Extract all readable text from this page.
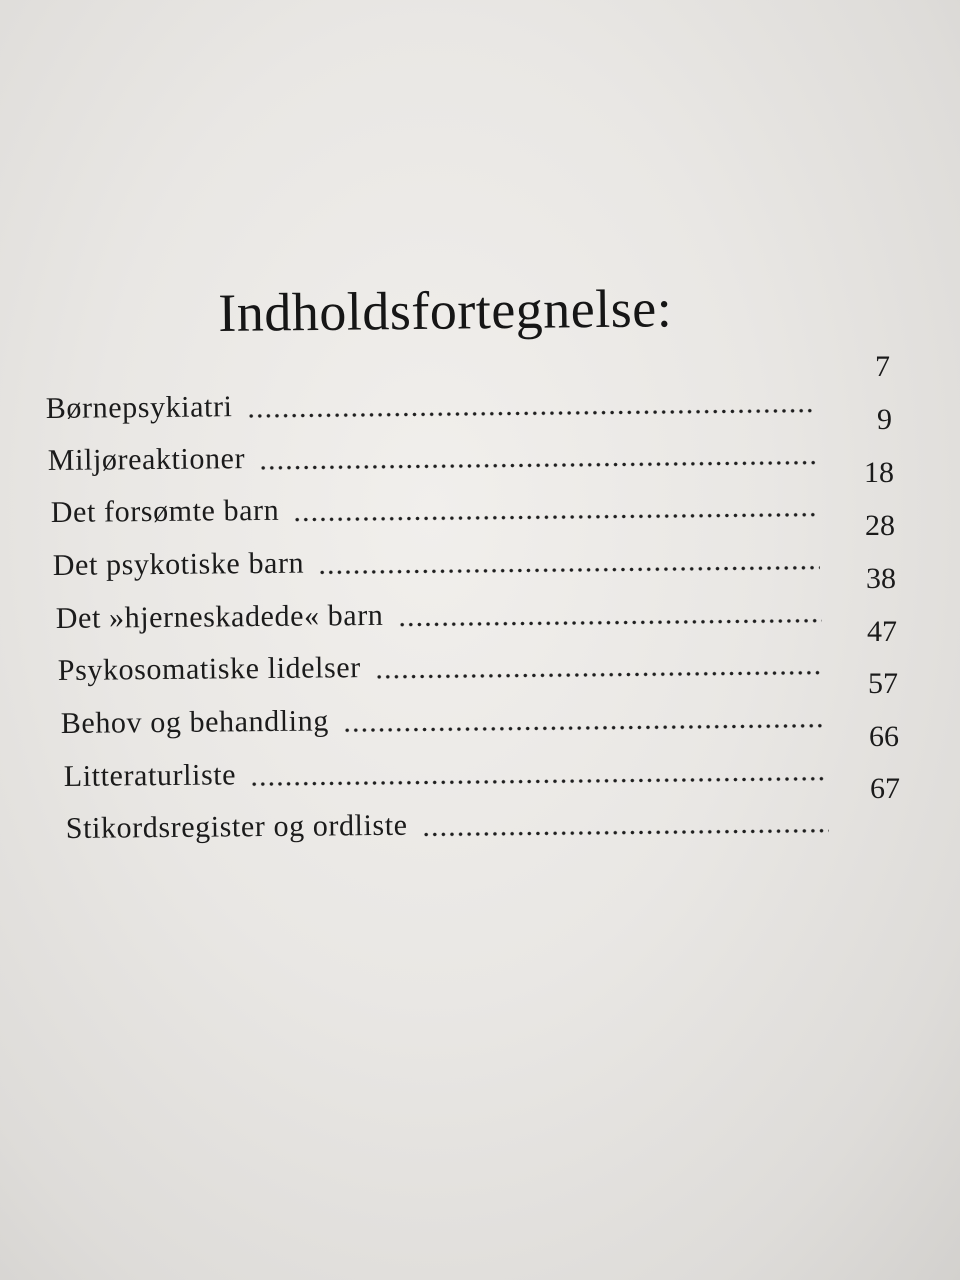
Indholdsfortegnelse:
Børnepsykiatri
7
Miljøreaktioner
9
Det forsømte barn
18
Det psykotiske barn
28
Det »hjerneskadede« barn
38
Psykosomatiske lidelser
47
Behov og behandling
57
Litteraturliste
66
Stikordsregister og ordliste
67
